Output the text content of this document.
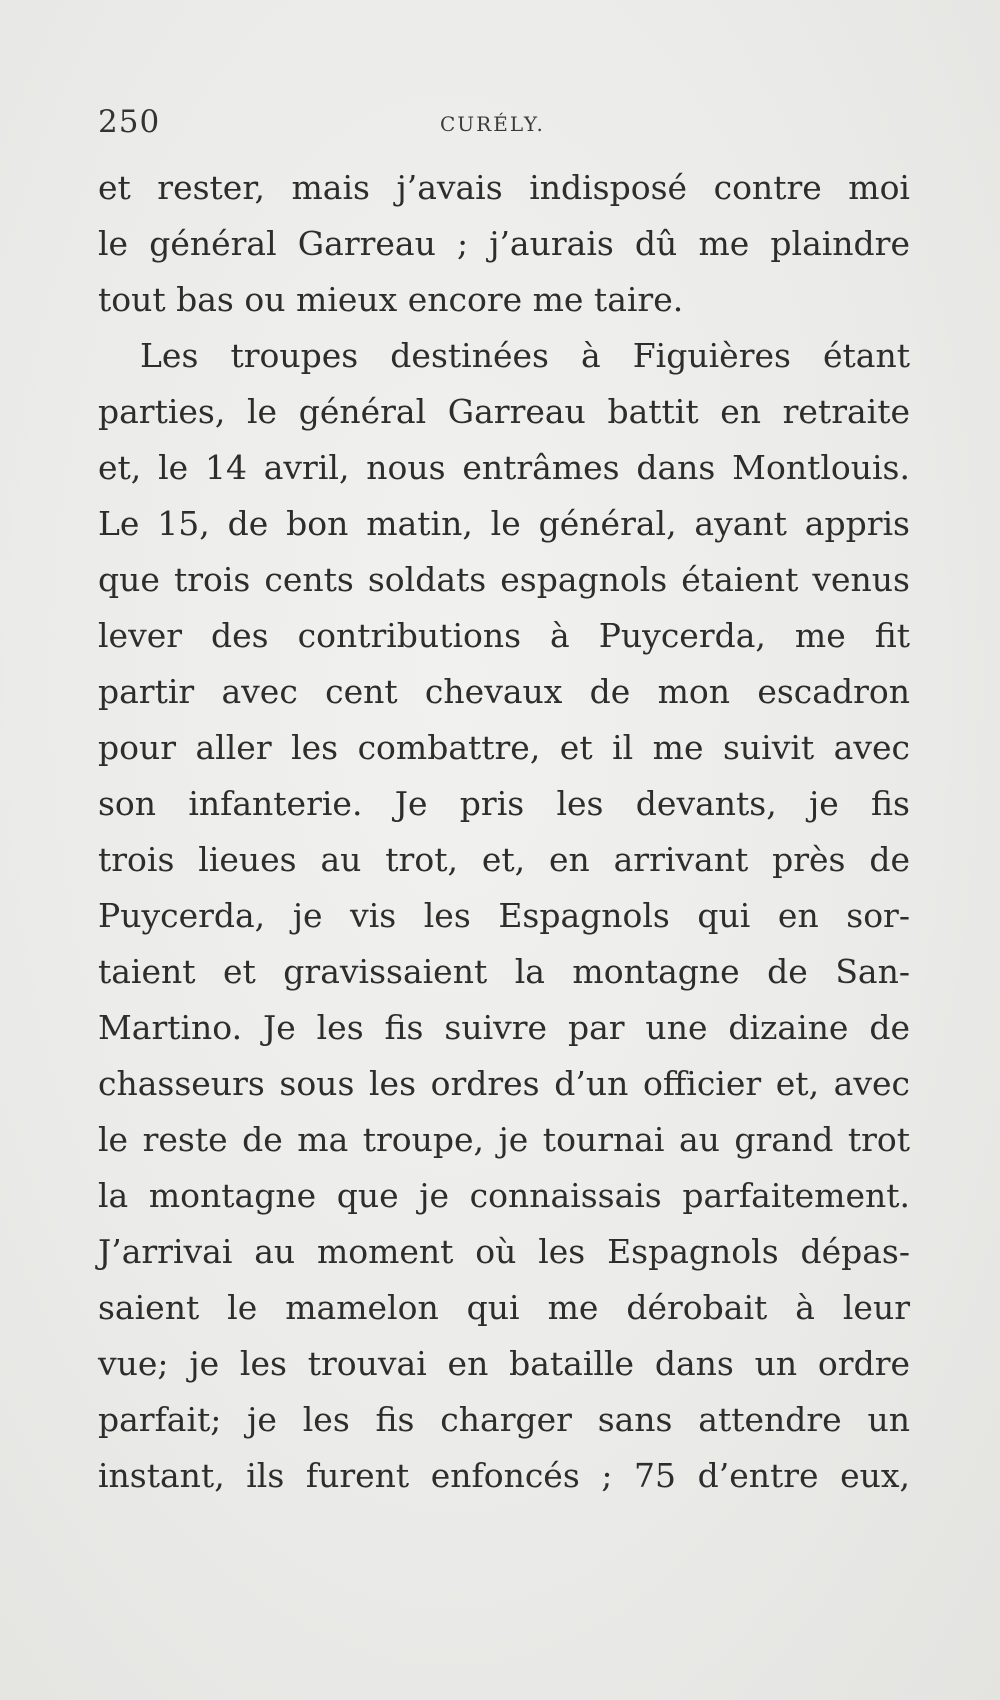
250	CURÉLY.
et rester, mais j’avais indisposé contre moi
le général Garreau ; j’aurais dû me plaindre
tout bas ou mieux encore me taire.
Les troupes destinées à Figuières étant
parties, le général Garreau battit en retraite
et, le 14 avril, nous entrâmes dans Montlouis.
Le 15, de bon matin, le général, ayant appris
que trois cents soldats espagnols étaient venus
lever des contributions à Puycerda, me fit
partir avec cent chevaux de mon escadron
pour aller les combattre, et il me suivit avec
son infanterie. Je pris les devants, je fis
trois lieues au trot, et, en arrivant près de
Puycerda, je vis les Espagnols qui en sor-
taient et gravissaient la montagne de San-
Martino. Je les fis suivre par une dizaine de
chasseurs sous les ordres d’un officier et, avec
le reste de ma troupe, je tournai au grand trot
la montagne que je connaissais parfaitement.
J’arrivai au moment où les Espagnols dépas-
saient le mamelon qui me dérobait à leur
vue; je les trouvai en bataille dans un ordre
parfait; je les fis charger sans attendre un
instant, ils furent enfoncés ; 75 d’entre eux,
